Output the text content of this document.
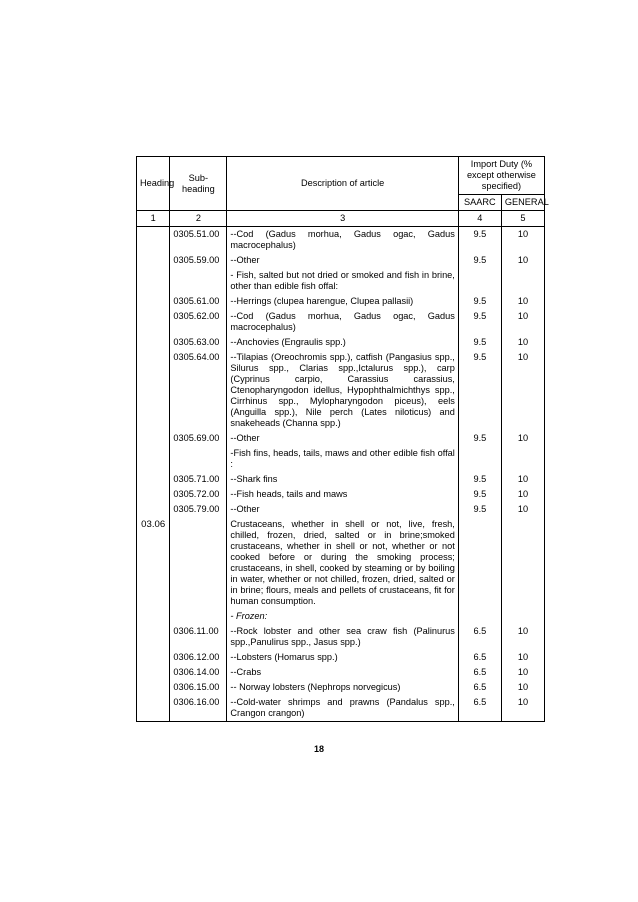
Heading	Sub-heading	Description of article	Import Duty (% except otherwise specified)	
			SAARC	GENERAL
1	2	3	4	5
	0305.51.00	--Cod (Gadus morhua, Gadus ogac, Gadus macrocephalus)	9.5	10
	0305.59.00	--Other	9.5	10
		- Fish, salted but not dried or smoked and fish in brine, other than edible fish offal:		
	0305.61.00	--Herrings (clupea harengue, Clupea pallasii)	9.5	10
	0305.62.00	--Cod (Gadus morhua, Gadus ogac, Gadus macrocephalus)	9.5	10
	0305.63.00	--Anchovies (Engraulis spp.)	9.5	10
	0305.64.00	--Tilapias (Oreochromis spp.), catfish (Pangasius spp., Silurus spp., Clarias spp.,Ictalurus spp.), carp (Cyprinus carpio, Carassius carassius, Ctenopharyngodon idellus, Hypophthalmichthys spp., Cirrhinus spp., Mylopharyngodon piceus), eels (Anguilla spp.), Nile perch (Lates niloticus) and snakeheads (Channa spp.)	9.5	10
	0305.69.00	--Other	9.5	10
		-Fish fins, heads, tails, maws and other edible fish offal :		
	0305.71.00	--Shark fins	9.5	10
	0305.72.00	--Fish heads, tails and maws	9.5	10
	0305.79.00	--Other	9.5	10
03.06		Crustaceans, whether in shell or not, live, fresh, chilled, frozen, dried, salted or in brine;smoked crustaceans, whether in shell or not, whether or not cooked before or during the smoking process; crustaceans, in shell, cooked by steaming or by boiling in water, whether or not chilled, frozen, dried, salted or in brine; flours, meals and pellets of crustaceans, fit for human consumption.		
		- Frozen:		
	0306.11.00	--Rock lobster and other sea craw fish (Palinurus spp.,Panulirus spp., Jasus spp.)	6.5	10
	0306.12.00	--Lobsters (Homarus spp.)	6.5	10
	0306.14.00	--Crabs	6.5	10
	0306.15.00	-- Norway lobsters (Nephrops norvegicus)	6.5	10
	0306.16.00	--Cold-water shrimps and prawns (Pandalus spp., Crangon crangon)	6.5	10
18
